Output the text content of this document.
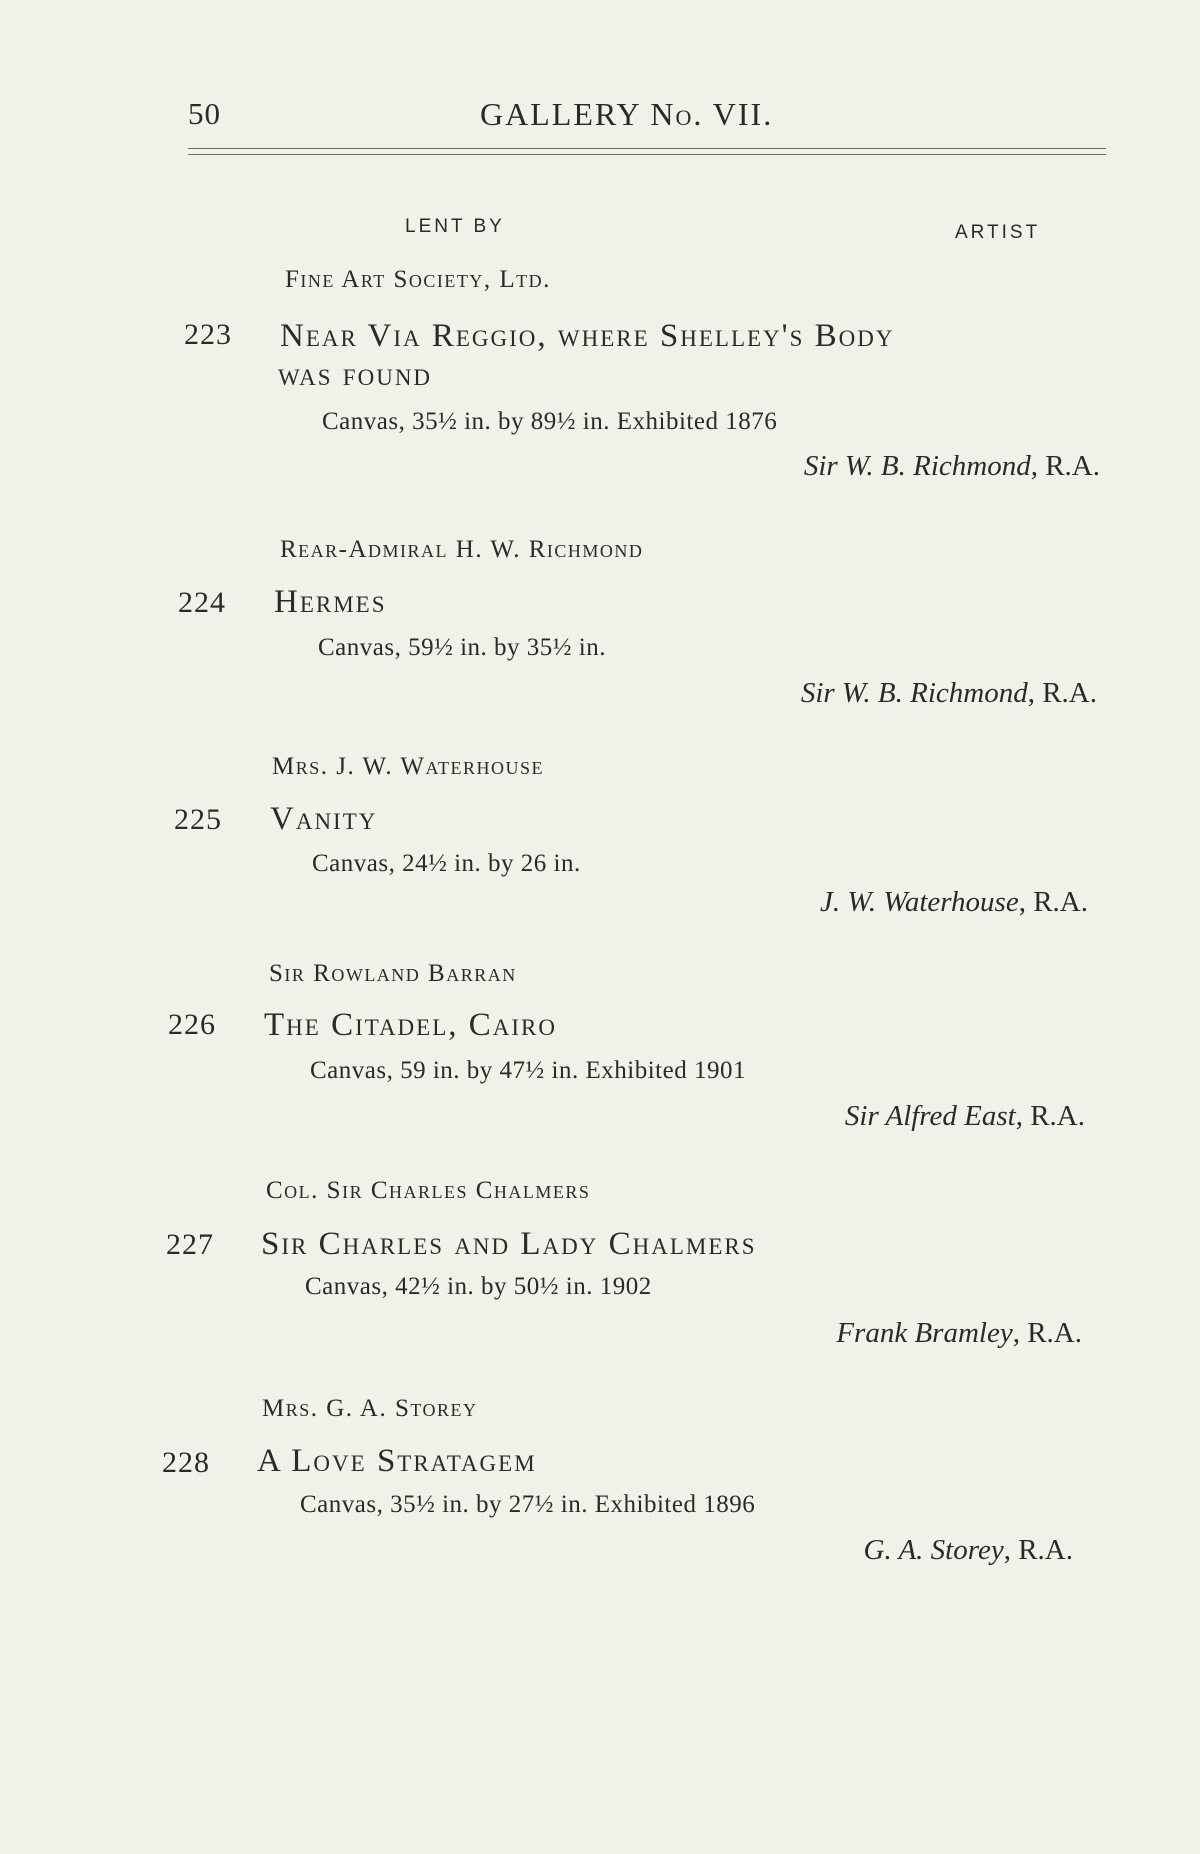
50	GALLERY No. VII.
LENT BY	ARTIST
Fine Art Society, Ltd.
223 Near Via Reggio, where Shelley's Body
was found
Canvas, 35½ in. by 89½ in. Exhibited 1876
Sir W. B. Richmond, R.A.
Rear-Admiral H. W. Richmond
224 Hermes
Canvas, 59½ in. by 35½ in.
Sir W. B. Richmond, R.A.
Mrs. J. W. Waterhouse
225 Vanity
Canvas, 24½ in. by 26 in.
J. W. Waterhouse, R.A.
Sir Rowland Barran
226 The Citadel, Cairo
Canvas, 59 in. by 47½ in. Exhibited 1901
Sir Alfred East, R.A.
Col. Sir Charles Chalmers
227 Sir Charles and Lady Chalmers
Canvas, 42½ in. by 50½ in. 1902
Frank Bramley, R.A.
Mrs. G. A. Storey
228 A Love Stratagem
Canvas, 35½ in. by 27½ in. Exhibited 1896
G. A. Storey, R.A.
